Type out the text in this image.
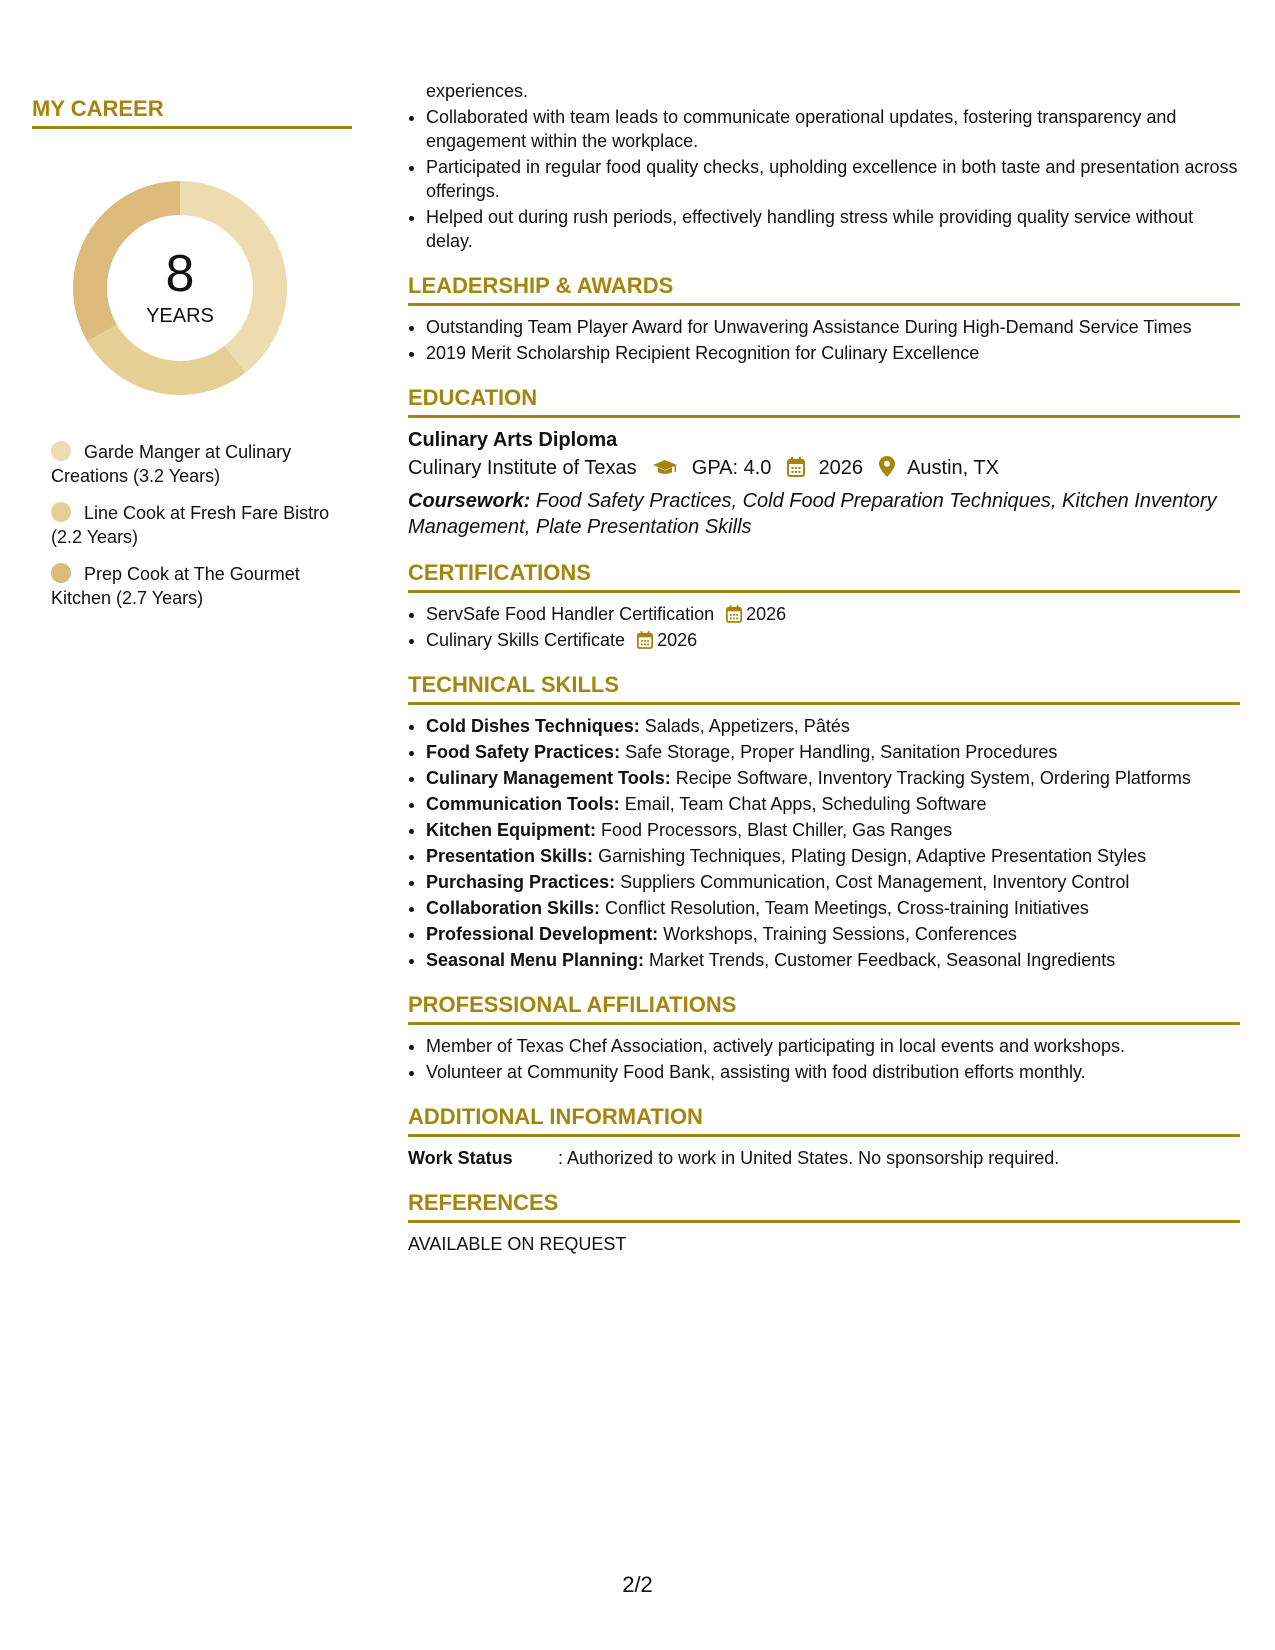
MY CAREER
8
YEARS
Garde Manger at Culinary Creations (3.2 Years)
Line Cook at Fresh Fare Bistro (2.2 Years)
Prep Cook at The Gourmet Kitchen (2.7 Years)
experiences.
• Collaborated with team leads to communicate operational updates, fostering transparency and engagement within the workplace.
• Participated in regular food quality checks, upholding excellence in both taste and presentation across offerings.
• Helped out during rush periods, effectively handling stress while providing quality service without delay.
LEADERSHIP & AWARDS
• Outstanding Team Player Award for Unwavering Assistance During High-Demand Service Times
• 2019 Merit Scholarship Recipient Recognition for Culinary Excellence
EDUCATION

Culinary Arts Diploma

Culinary Institute of Texas	GPA: 4.0 2026 Austin, TX

Coursework: Food Safety Practices, Cold Food Preparation Techniques, Kitchen Inventory Management, Plate Presentation Skills

CERTIFICATIONS
• ServSafe Food Handler Certification 2026
• Culinary Skills Certificate 2026
TECHNICAL SKILLS
• Cold Dishes Techniques: Salads, Appetizers, Pâtés
• Food Safety Practices: Safe Storage, Proper Handling, Sanitation Procedures
• Culinary Management Tools: Recipe Software, Inventory Tracking System, Ordering Platforms
• Communication Tools: Email, Team Chat Apps, Scheduling Software
• Kitchen Equipment: Food Processors, Blast Chiller, Gas Ranges
• Presentation Skills: Garnishing Techniques, Plating Design, Adaptive Presentation Styles
• Purchasing Practices: Suppliers Communication, Cost Management, Inventory Control
• Collaboration Skills: Conflict Resolution, Team Meetings, Cross-training Initiatives
• Professional Development: Workshops, Training Sessions, Conferences
• Seasonal Menu Planning: Market Trends, Customer Feedback, Seasonal Ingredients
PROFESSIONAL AFFILIATIONS
• Member of Texas Chef Association, actively participating in local events and workshops.
• Volunteer at Community Food Bank, assisting with food distribution efforts monthly.
ADDITIONAL INFORMATION
Work Status	: Authorized to work in United States. No sponsorship required.
REFERENCES
AVAILABLE ON REQUEST
2/2
